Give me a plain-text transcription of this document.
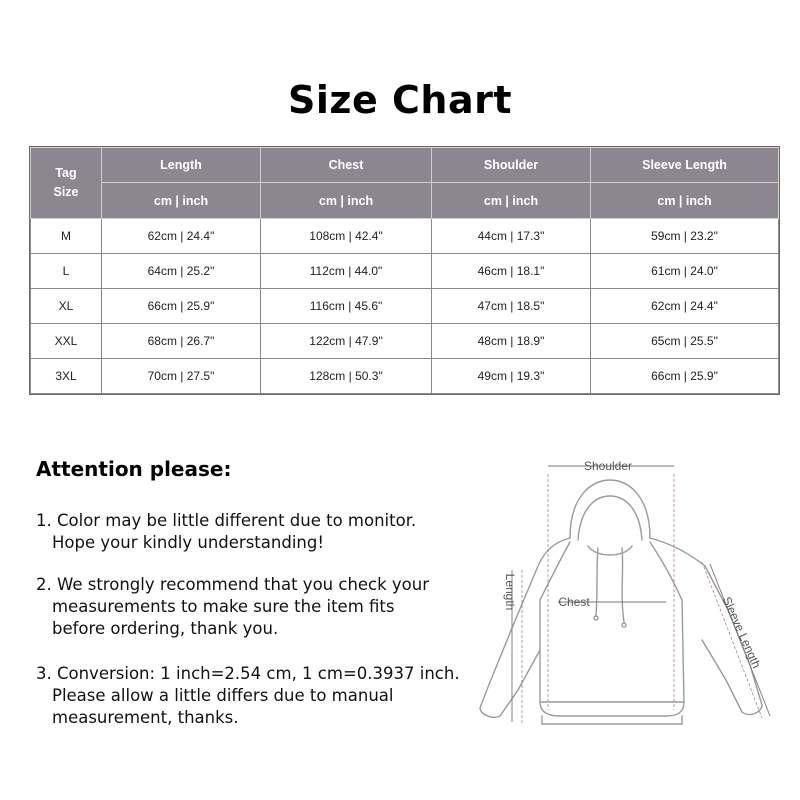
Size Chart
Tag
Size	Length	Chest	Shoulder	Sleeve Length
	cm | inch	cm | inch	cm | inch	cm | inch
M	62cm | 24.4"	108cm | 42.4"	44cm | 17.3"	59cm | 23.2"
L	64cm | 25.2"	112cm | 44.0"	46cm | 18.1"	61cm | 24.0"
XL	66cm | 25.9"	116cm | 45.6"	47cm | 18.5"	62cm | 24.4"
XXL	68cm | 26.7"	122cm | 47.9"	48cm | 18.9"	65cm | 25.5"
3XL	70cm | 27.5"	128cm | 50.3"	49cm | 19.3"	66cm | 25.9"
Attention please:
1. Color may be little different due to monitor.
Hope your kindly understanding!
2. We strongly recommend that you check your
measurements to make sure the item fits
before ordering, thank you.
3. Conversion: 1 inch=2.54 cm, 1 cm=0.3937 inch.
Please allow a little differs due to manual
measurement, thanks.
Shoulder
Length	Chest	Sleeve Length
